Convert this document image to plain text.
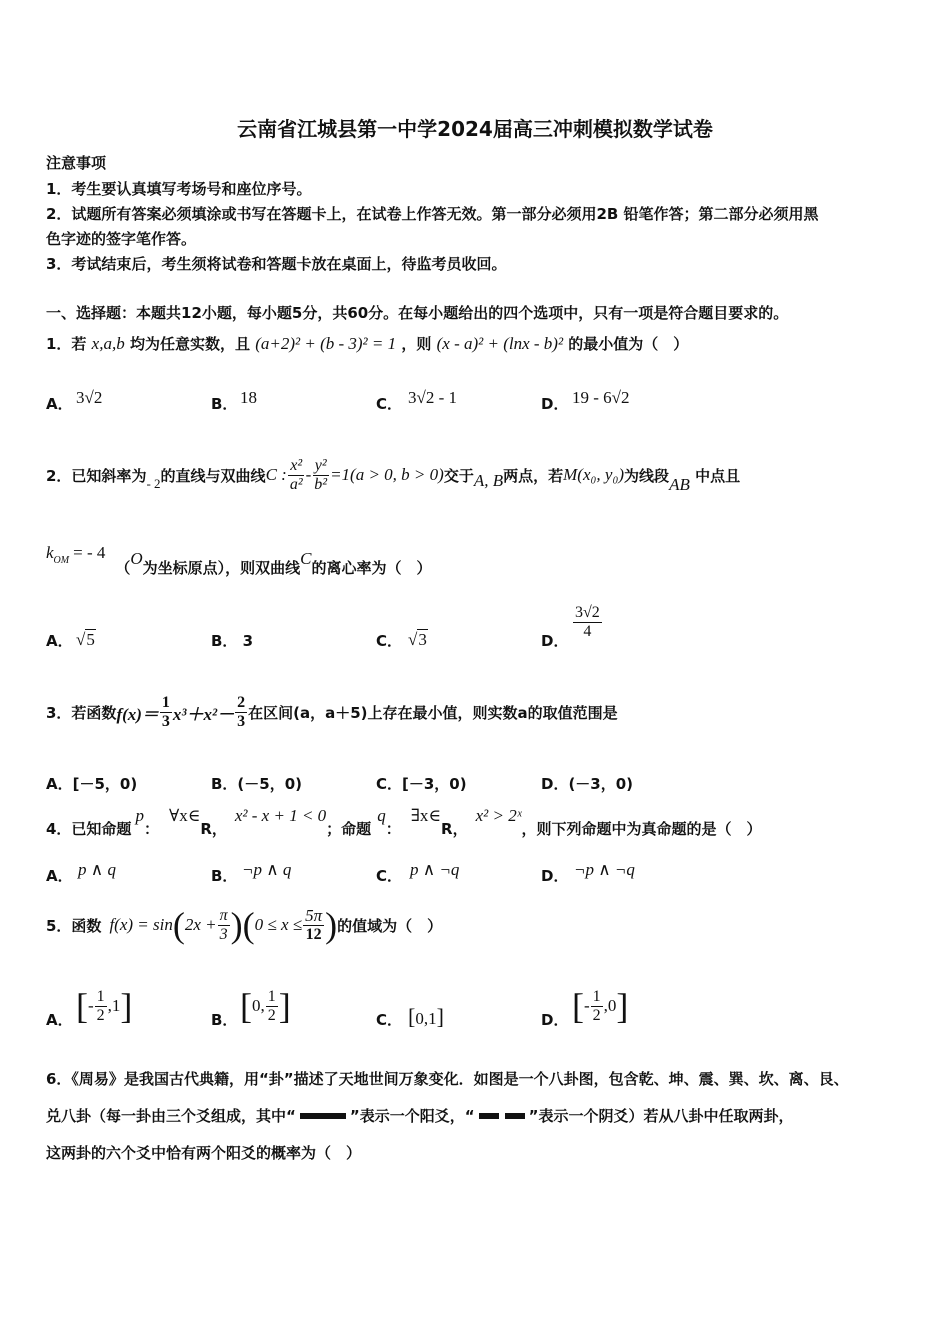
云南省江城县第一中学2024届高三冲刺模拟数学试卷
注意事项
1．考生要认真填写考场号和座位序号。
2．试题所有答案必须填涂或书写在答题卡上，在试卷上作答无效。第一部分必须用2B 铅笔作答；第二部分必须用黑
色字迹的签字笔作答。
3．考试结束后，考生须将试卷和答题卡放在桌面上，待监考员收回。
一、选择题：本题共12小题，每小题5分，共60分。在每小题给出的四个选项中，只有一项是符合题目要求的。
1．若 x,a,b 均为任意实数，且 (a+2)² + (b - 3)² = 1 ，则 (x - a)² + (lnx - b)² 的最小值为（　）
A． 3√2	B． 18	C． 3√2 - 1	D． 19 - 6√2
2．已知斜率为 - 2 的直线与双曲线 C : $\frac{\text{x²}}{\text{a²}} - \frac{\text{y²}}{\text{b²}} =1(a > 0$, b > 0) 交于 A, B 两点，若 M(x₀, y₀) 为线段 AB
中点且
k OM = - 4
（ O 为坐标原点），则双曲线 C 的离心率为（　）
A． √5	B． 3	C． √3	D． $\frac{3√2}{4}$
3．若函数 $f(x)= \frac{1}{3} x^3+x^2- \frac{2}{3}$ 在区间(a，a＋5)上存在最小值，则实数a的取值范围是
A．[－5，0)	B．(－5，0)	C．[－3，0)	D．(－3，0)
4．已知命题
p
：
∀x∈
R，
x² - x + 1 < 0
；命题
q
：
∃x∈
R，
x² > 2ˣ
，则下列命题中为真命题的是（　）
A． p ∧ q	B． ¬p ∧ q	C． p ∧ ¬q	D． ¬p ∧ ¬q
5．函数 f(x) = sin ( $2x + \frac{\pi}{3}$ )( $0 \le x \le \frac{5\pi}{12}$ ) 的值域为（　）
A． [ - $\frac{1}{2} ,1$ ]	B． [ 0, $\frac{1}{2}$ ]	C． [0,1]	D． [ - $\frac{1}{2} ,0$ ]
6．《周易》是我国古代典籍，用“卦”描述了天地世间万象变化．如图是一个八卦图，包含乾、坤、震、巽、坎、离、艮、
兑八卦（每一卦由三个爻组成，其中“	”表示一个阳爻，“	”表示一个阴爻）若从八卦中任取两卦，
这两卦的六个爻中恰有两个阳爻的概率为（　）
